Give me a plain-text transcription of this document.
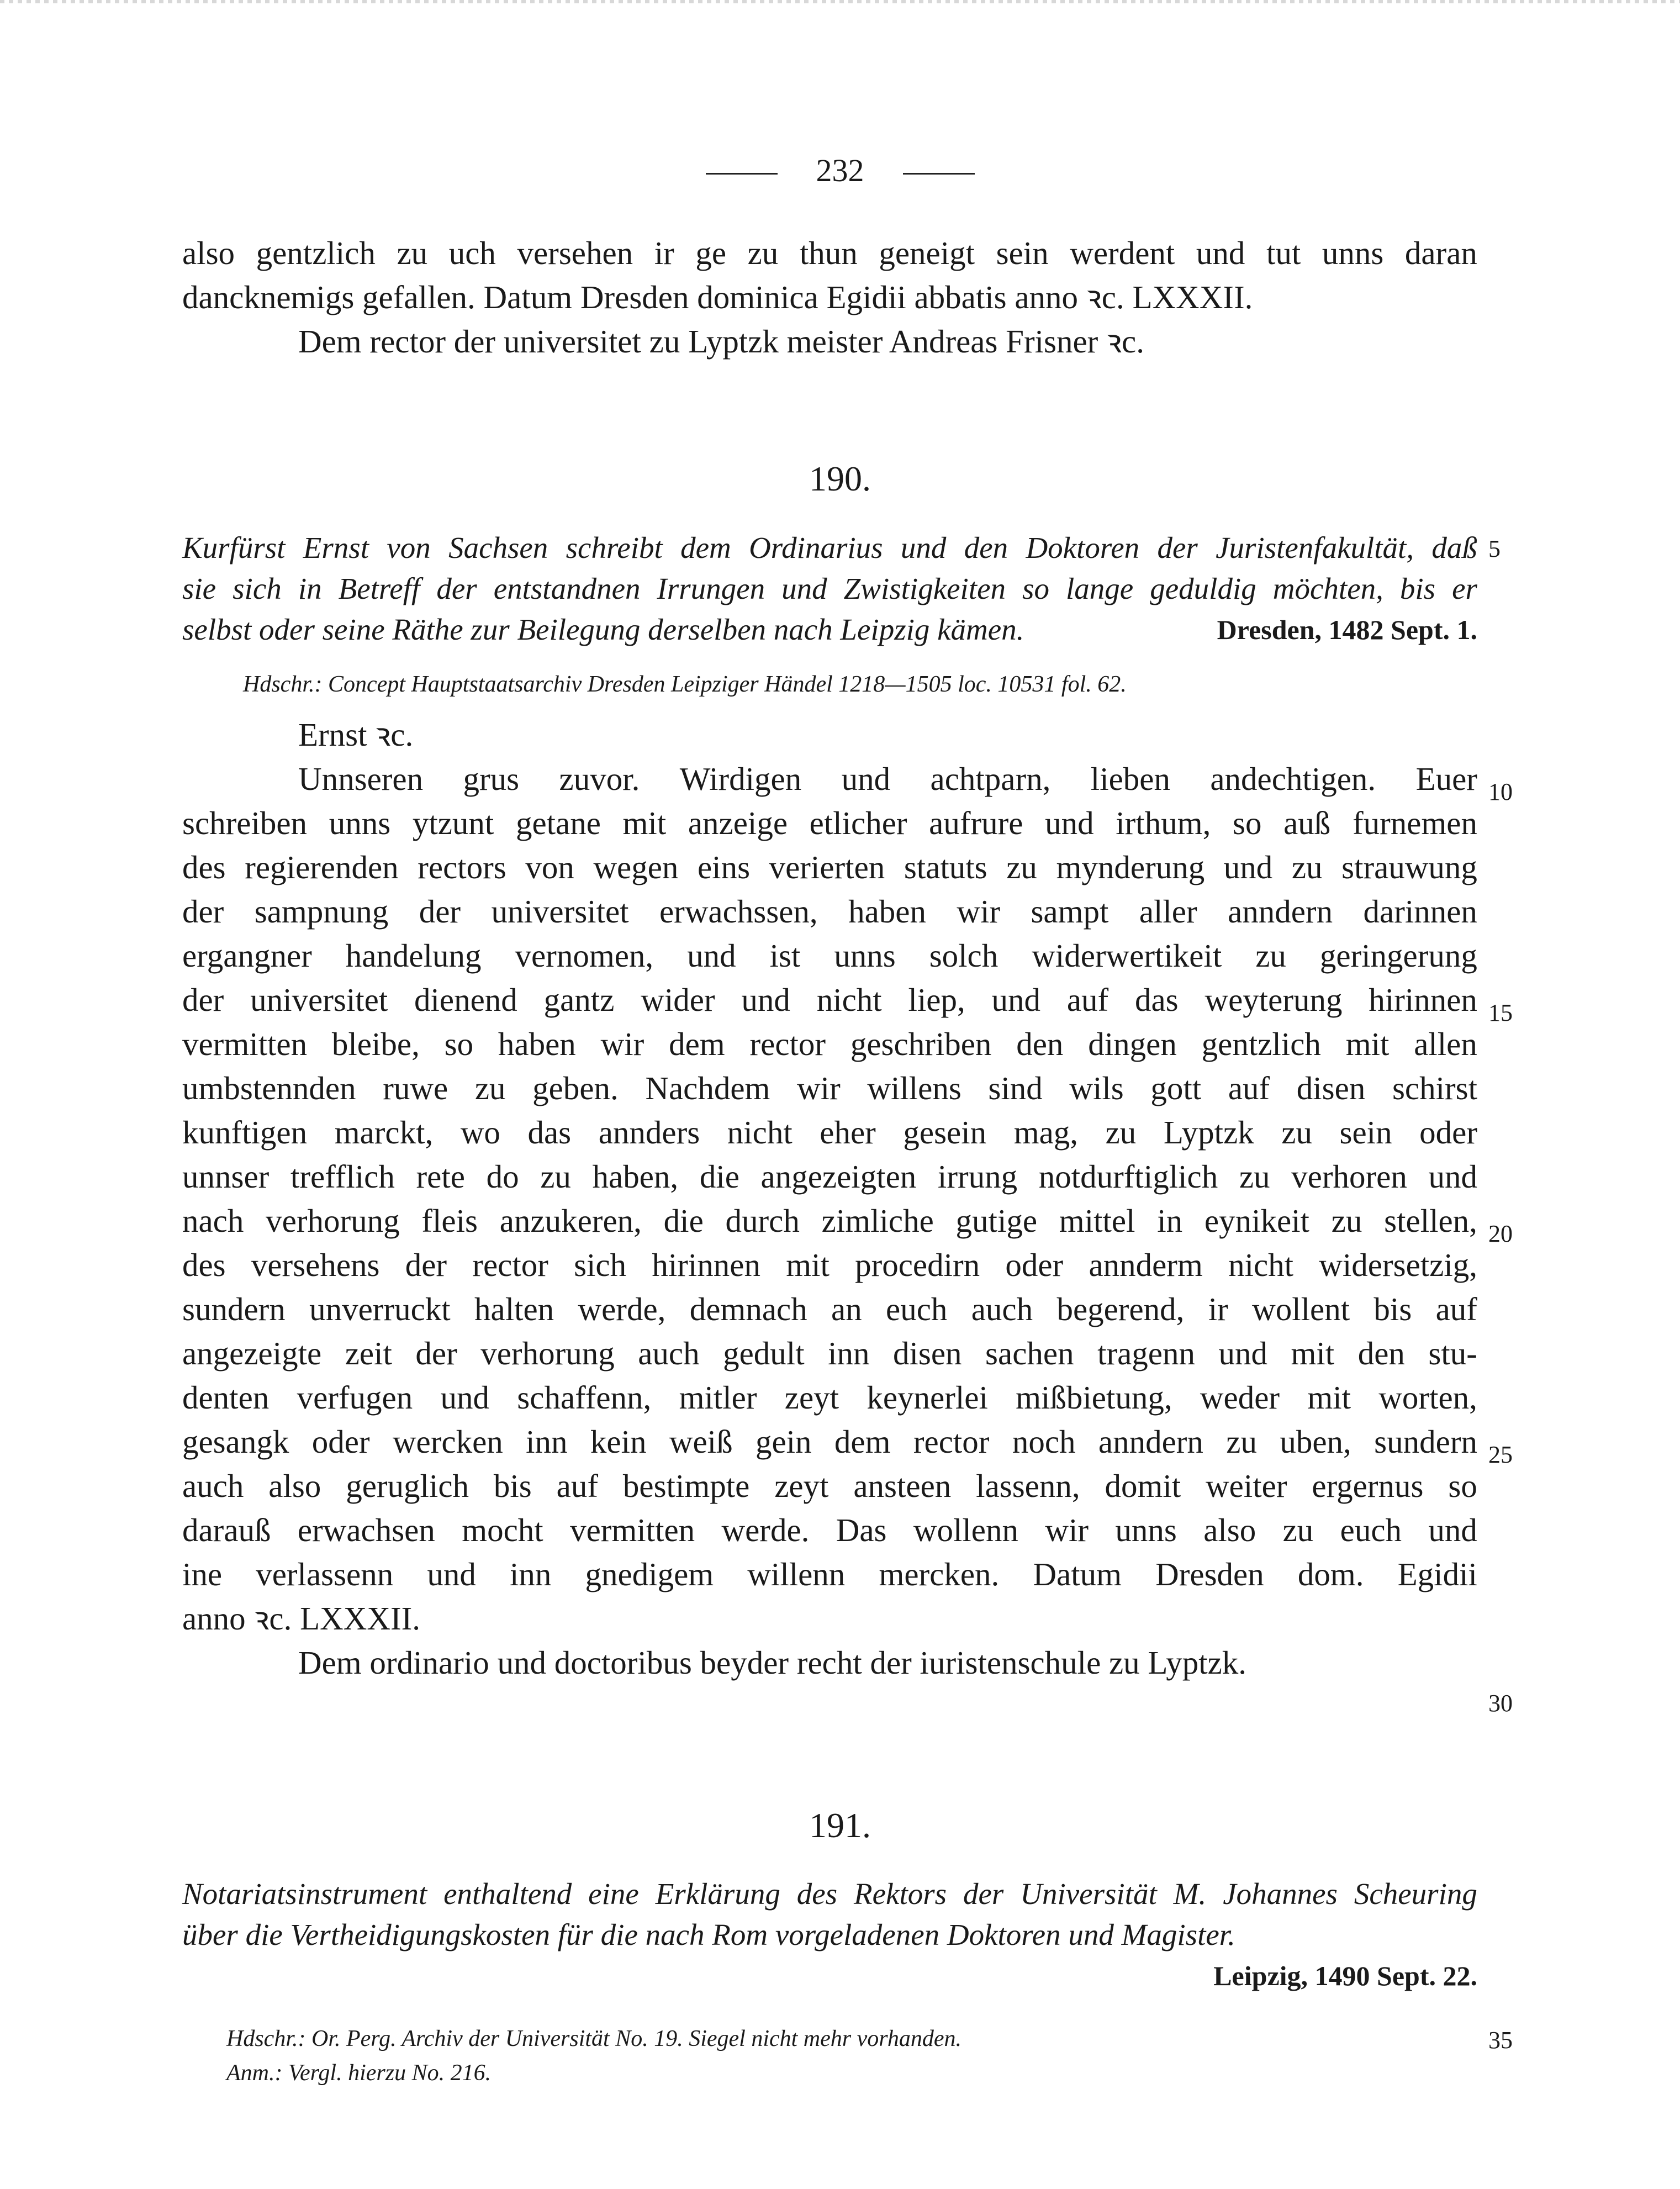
232
also gentzlich zu uch versehen ir ge zu thun geneigt sein werdent und tut unns daran
dancknemigs gefallen. Datum Dresden dominica Egidii abbatis anno ꝛc. LXXXII.
Dem rector der universitet zu Lyptzk meister Andreas Frisner ꝛc.
190.
Kurfürst Ernst von Sachsen schreibt dem Ordinarius und den Doktoren der Juristenfakultät, daß
sie sich in Betreff der entstandnen Irrungen und Zwistigkeiten so lange geduldig möchten, bis er
selbst oder seine Räthe zur Beilegung derselben nach Leipzig kämen.	Dresden, 1482 Sept. 1.
Hdschr.: Concept Hauptstaatsarchiv Dresden Leipziger Händel 1218—1505 loc. 10531 fol. 62.
Ernst ꝛc.
Unnseren grus zuvor. Wirdigen und achtparn, lieben andechtigen. Euer
schreiben unns ytzunt getane mit anzeige etlicher aufrure und irthum, so auß furnemen
des regierenden rectors von wegen eins verierten statuts zu mynderung und zu strauwung
der sampnung der universitet erwachssen, haben wir sampt aller anndern darinnen
ergangner handelung vernomen, und ist unns solch widerwertikeit zu geringerung
der universitet dienend gantz wider und nicht liep, und auf das weyterung hirinnen
vermitten bleibe, so haben wir dem rector geschriben den dingen gentzlich mit allen
umbstennden ruwe zu geben. Nachdem wir willens sind wils gott auf disen schirst
kunftigen marckt, wo das annders nicht eher gesein mag, zu Lyptzk zu sein oder
unnser trefflich rete do zu haben, die angezeigten irrung notdurftiglich zu verhoren und
nach verhorung fleis anzukeren, die durch zimliche gutige mittel in eynikeit zu stellen,
des versehens der rector sich hirinnen mit procedirn oder annderm nicht widersetzig,
sundern unverruckt halten werde, demnach an euch auch begerend, ir wollent bis auf
angezeigte zeit der verhorung auch gedult inn disen sachen tragenn und mit den stu-
denten verfugen und schaffenn, mitler zeyt keynerlei mißbietung, weder mit worten,
gesangk oder wercken inn kein weiß gein dem rector noch anndern zu uben, sundern
auch also geruglich bis auf bestimpte zeyt ansteen lassenn, domit weiter ergernus so
darauß erwachsen mocht vermitten werde. Das wollenn wir unns also zu euch und
ine verlassenn und inn gnedigem willenn mercken. Datum Dresden dom. Egidii
anno ꝛc. LXXXII.
Dem ordinario und doctoribus beyder recht der iuristenschule zu Lyptzk.
191.
Notariatsinstrument enthaltend eine Erklärung des Rektors der Universität M. Johannes Scheuring
über die Vertheidigungskosten für die nach Rom vorgeladenen Doktoren und Magister.
Leipzig, 1490 Sept. 22.
Hdschr.: Or. Perg. Archiv der Universität No. 19. Siegel nicht mehr vorhanden.
Anm.: Vergl. hierzu No. 216.
5
10
15
20
25
30
35
